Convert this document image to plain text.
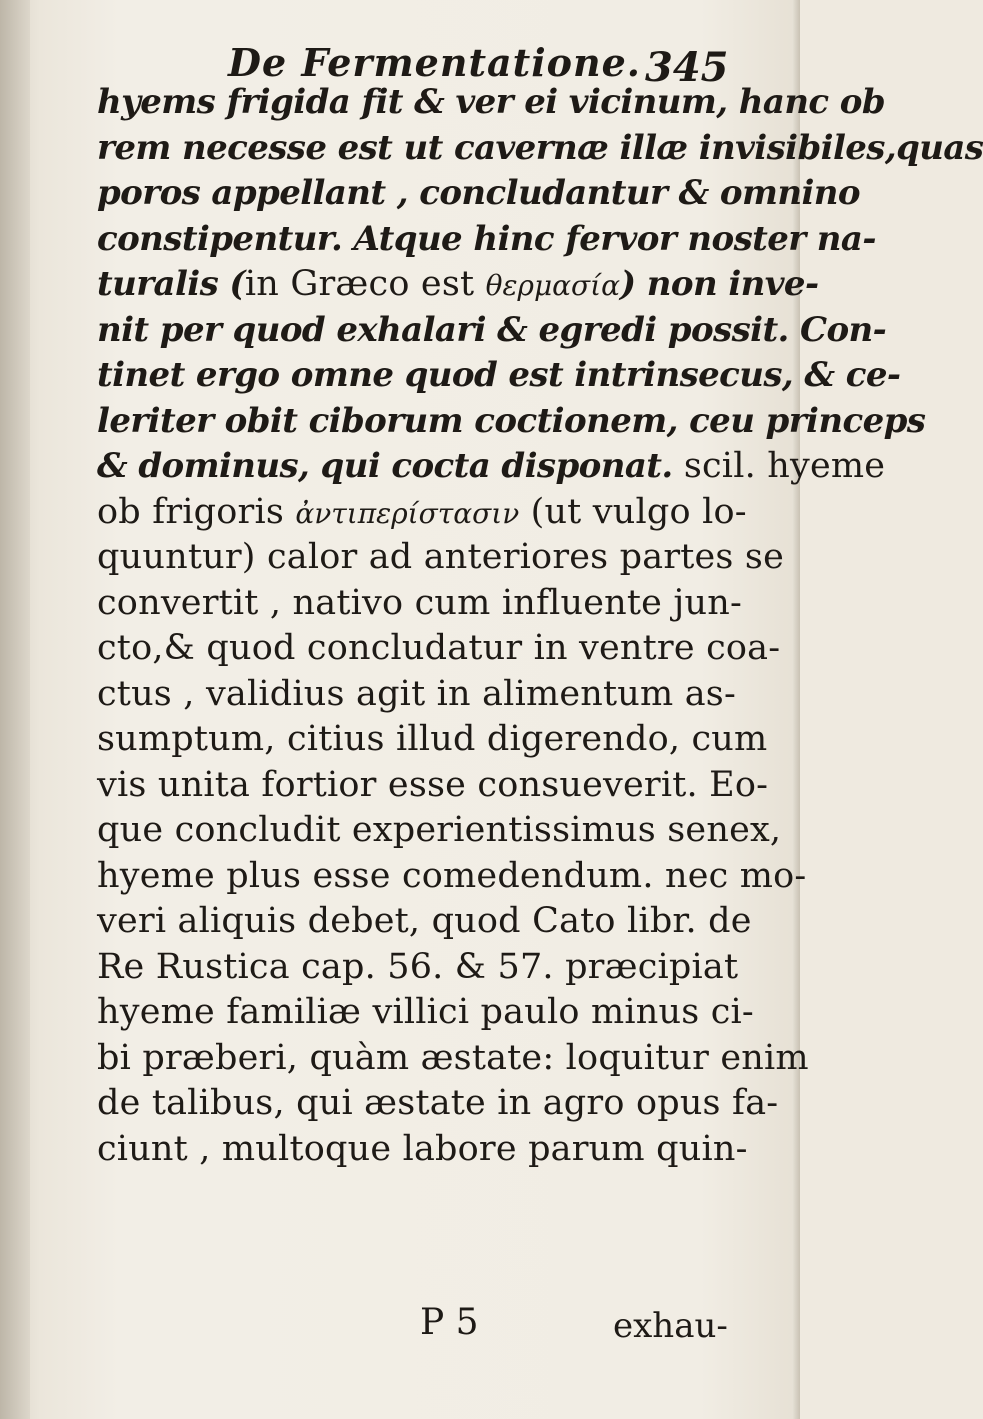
De Fermentatione. 345
hyems frigida fit & ver ei vicinum, hanc ob
rem necesse est ut cavernæ illæ invisibiles,quas
poros appellant , concludantur & omnino
constipentur. Atque hinc fervor noster na-
turalis (in Græco est θερμασία) non inve-
nit per quod exhalari & egredi possit. Con-
tinet ergo omne quod est intrinsecus, & ce-
leriter obit ciborum coctionem, ceu princeps
& dominus, qui cocta disponat. scil. hyeme
ob frigoris ἀντιπερίστασιν (ut vulgo lo-
quuntur) calor ad anteriores partes se
convertit , nativo cum influente jun-
cto,& quod concludatur in ventre coa-
ctus , validius agit in alimentum as-
sumptum, citius illud digerendo, cum
vis unita fortior esse consueverit. Eo-
que concludit experientissimus senex,
hyeme plus esse comedendum. nec mo-
veri aliquis debet, quod Cato libr. de
Re Rustica cap. 56. & 57. præcipiat
hyeme familiæ villici paulo minus ci-
bi præberi, quàm æstate: loquitur enim
de talibus, qui æstate in agro opus fa-
ciunt , multoque labore parum quin-
P 5	exhau-
